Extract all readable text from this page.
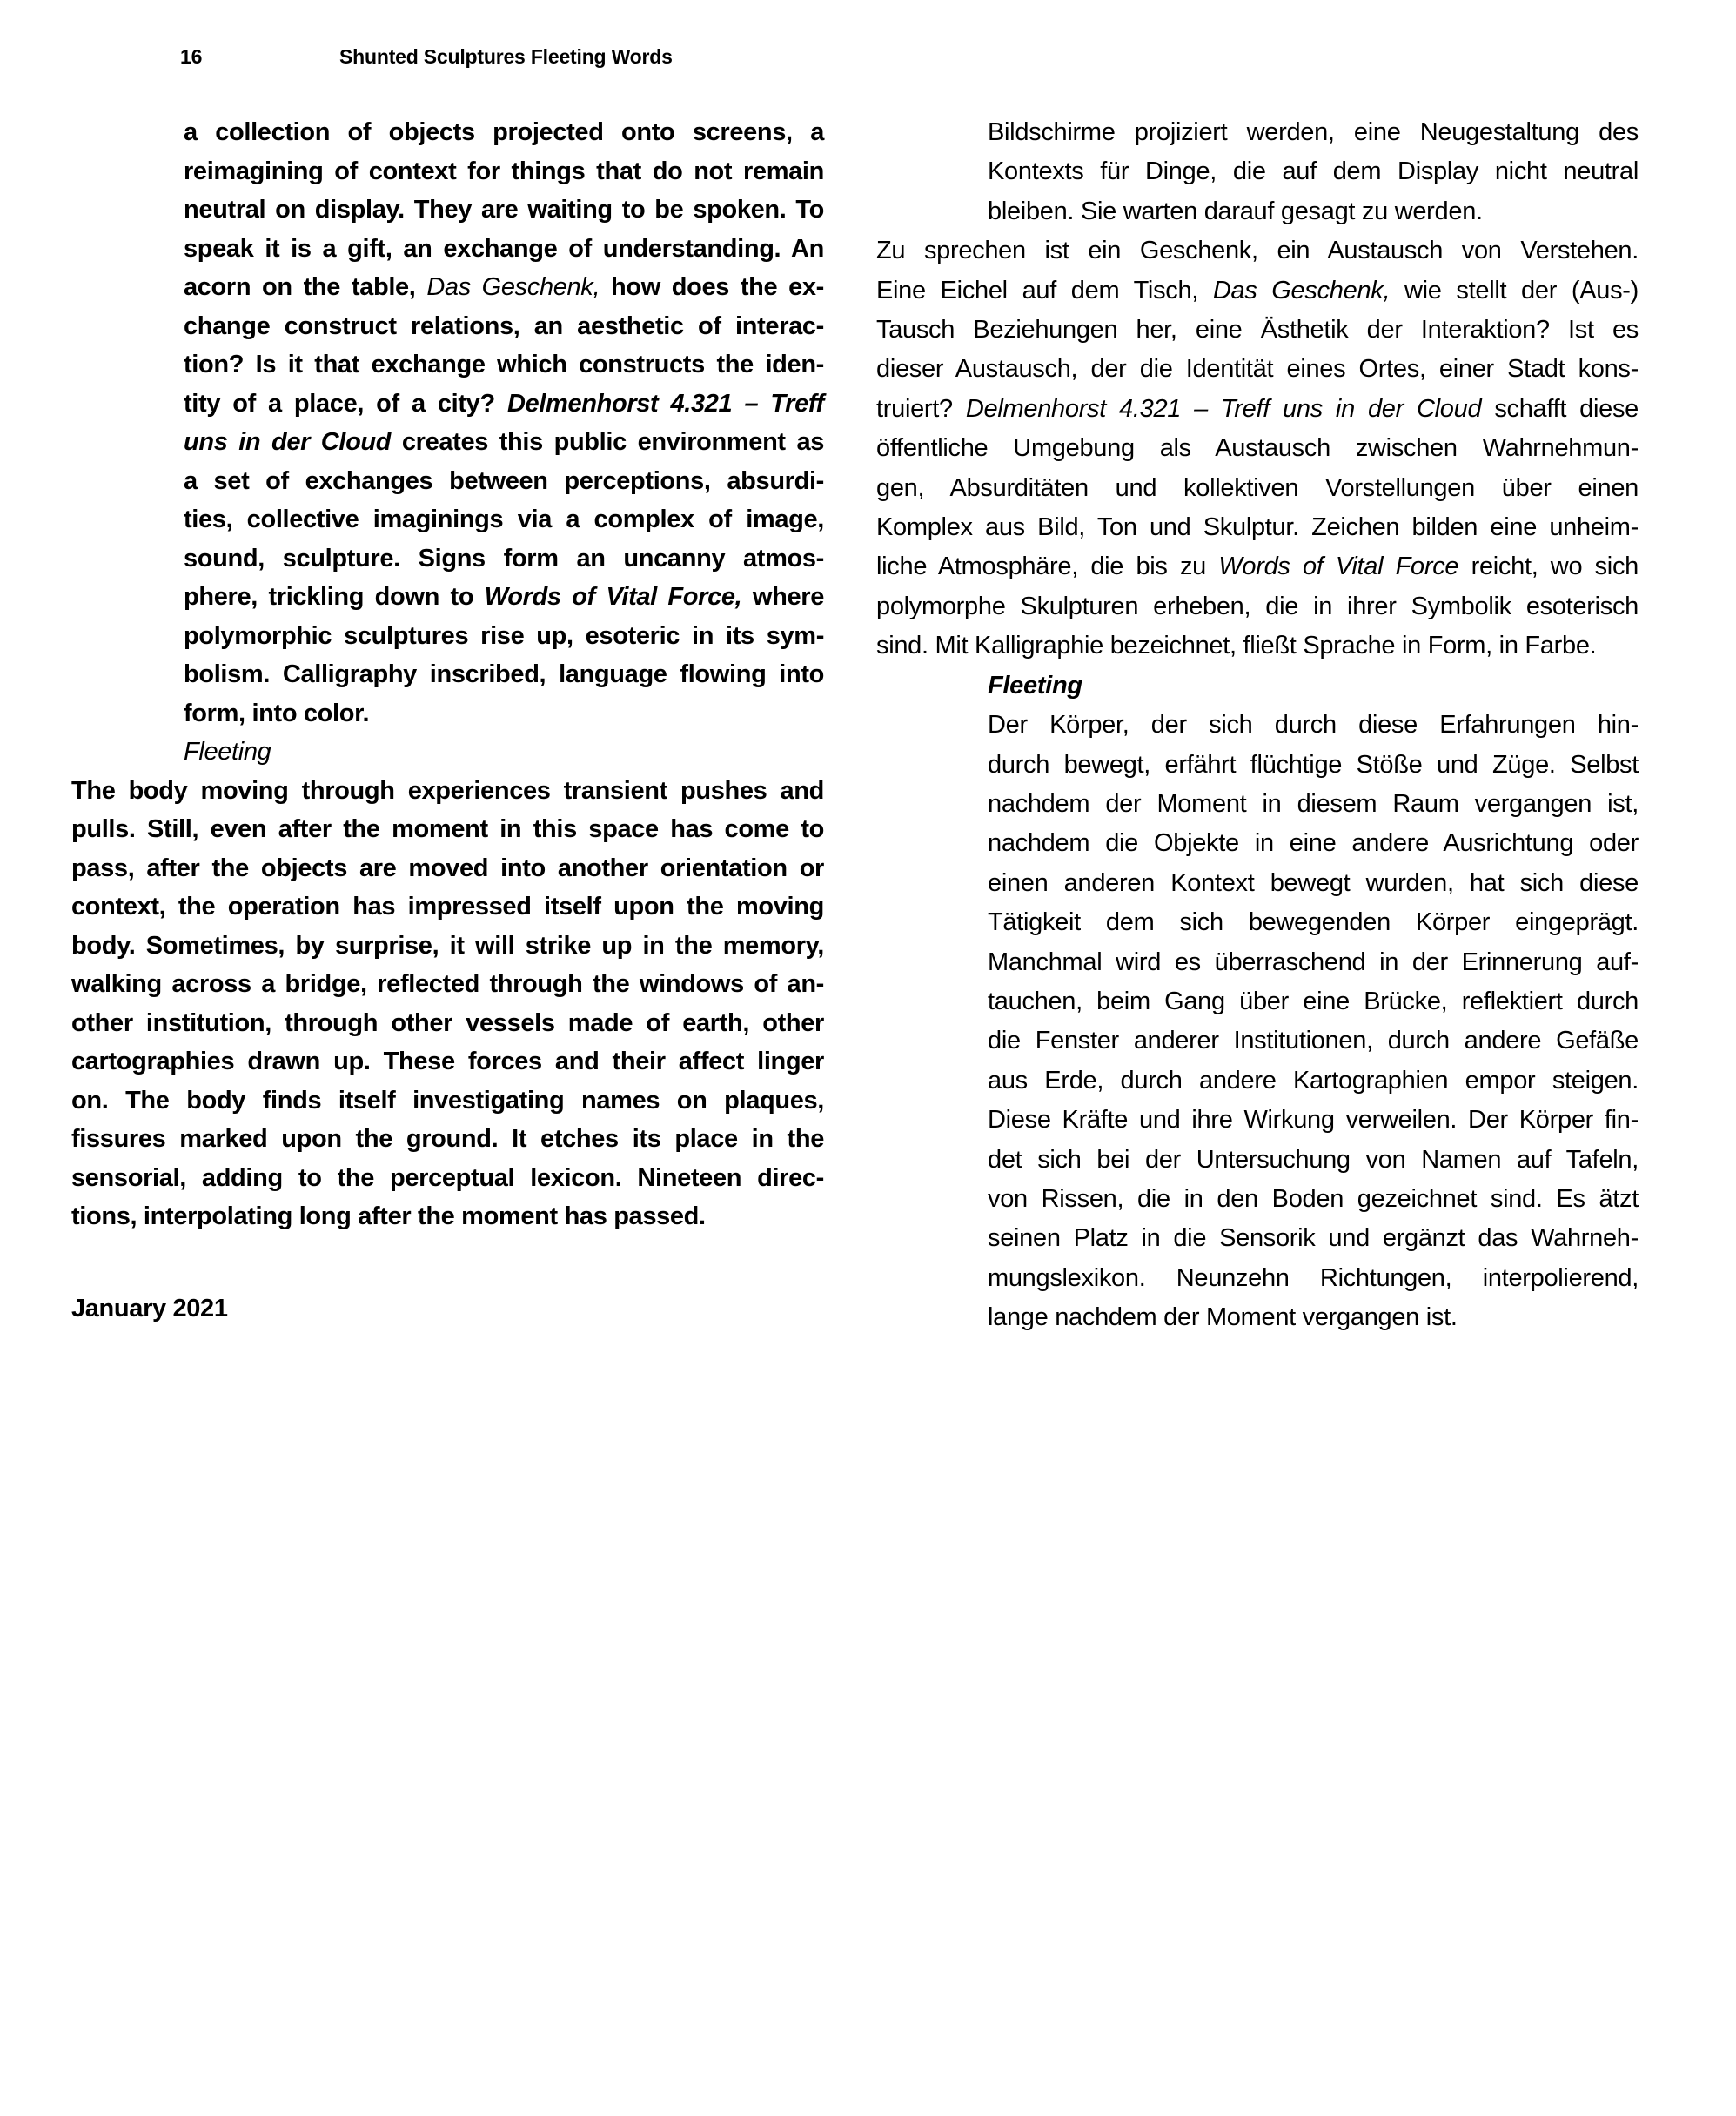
16	Shunted Sculptures Fleeting Words
a collection of objects projected onto screens, a
reimagining of context for things that do not remain
neutral on display. They are waiting to be spoken. To
speak it is a gift, an exchange of understanding. An
acorn on the table, Das Geschenk, how does the ex-
change construct relations, an aesthetic of interac-
tion? Is it that exchange which constructs the iden-
tity of a place, of a city? Delmenhorst 4.321 – Treff
uns in der Cloud creates this public environment as
a set of exchanges between perceptions, absurdi-
ties, collective imaginings via a complex of image,
sound, sculpture. Signs form an uncanny atmos-
phere, trickling down to Words of Vital Force, where
polymorphic sculptures rise up, esoteric in its sym-
bolism. Calligraphy inscribed, language flowing into
form, into color.
Fleeting
The body moving through experiences transient pushes and
pulls. Still, even after the moment in this space has come to
pass, after the objects are moved into another orientation or
context, the operation has impressed itself upon the moving
body. Sometimes, by surprise, it will strike up in the memory,
walking across a bridge, reflected through the windows of an-
other institution, through other vessels made of earth, other
cartographies drawn up. These forces and their affect linger
on. The body finds itself investigating names on plaques,
fissures marked upon the ground. It etches its place in the
sensorial, adding to the perceptual lexicon. Nineteen direc-
tions, interpolating long after the moment has passed.
January 2021
Bildschirme projiziert werden, eine Neugestaltung des
Kontexts für Dinge, die auf dem Display nicht neutral
bleiben. Sie warten darauf gesagt zu werden.
Zu sprechen ist ein Geschenk, ein Austausch von Verstehen.
Eine Eichel auf dem Tisch, Das Geschenk, wie stellt der (Aus-)
Tausch Beziehungen her, eine Ästhetik der Interaktion? Ist es
dieser Austausch, der die Identität eines Ortes, einer Stadt kons-
truiert? Delmenhorst 4.321 – Treff uns in der Cloud schafft diese
öffentliche Umgebung als Austausch zwischen Wahrnehmun-
gen, Absurditäten und kollektiven Vorstellungen über einen
Komplex aus Bild, Ton und Skulptur. Zeichen bilden eine unheim-
liche Atmosphäre, die bis zu Words of Vital Force reicht, wo sich
polymorphe Skulpturen erheben, die in ihrer Symbolik esoterisch
sind. Mit Kalligraphie bezeichnet, fließt Sprache in Form, in Farbe.
Fleeting
Der Körper, der sich durch diese Erfahrungen hin-
durch bewegt, erfährt flüchtige Stöße und Züge. Selbst
nachdem der Moment in diesem Raum vergangen ist,
nachdem die Objekte in eine andere Ausrichtung oder
einen anderen Kontext bewegt wurden, hat sich diese
Tätigkeit dem sich bewegenden Körper eingeprägt.
Manchmal wird es überraschend in der Erinnerung auf-
tauchen, beim Gang über eine Brücke, reflektiert durch
die Fenster anderer Institutionen, durch andere Gefäße
aus Erde, durch andere Kartographien empor steigen.
Diese Kräfte und ihre Wirkung verweilen. Der Körper fin-
det sich bei der Untersuchung von Namen auf Tafeln,
von Rissen, die in den Boden gezeichnet sind. Es ätzt
seinen Platz in die Sensorik und ergänzt das Wahrneh-
mungslexikon. Neunzehn Richtungen, interpolierend,
lange nachdem der Moment vergangen ist.
